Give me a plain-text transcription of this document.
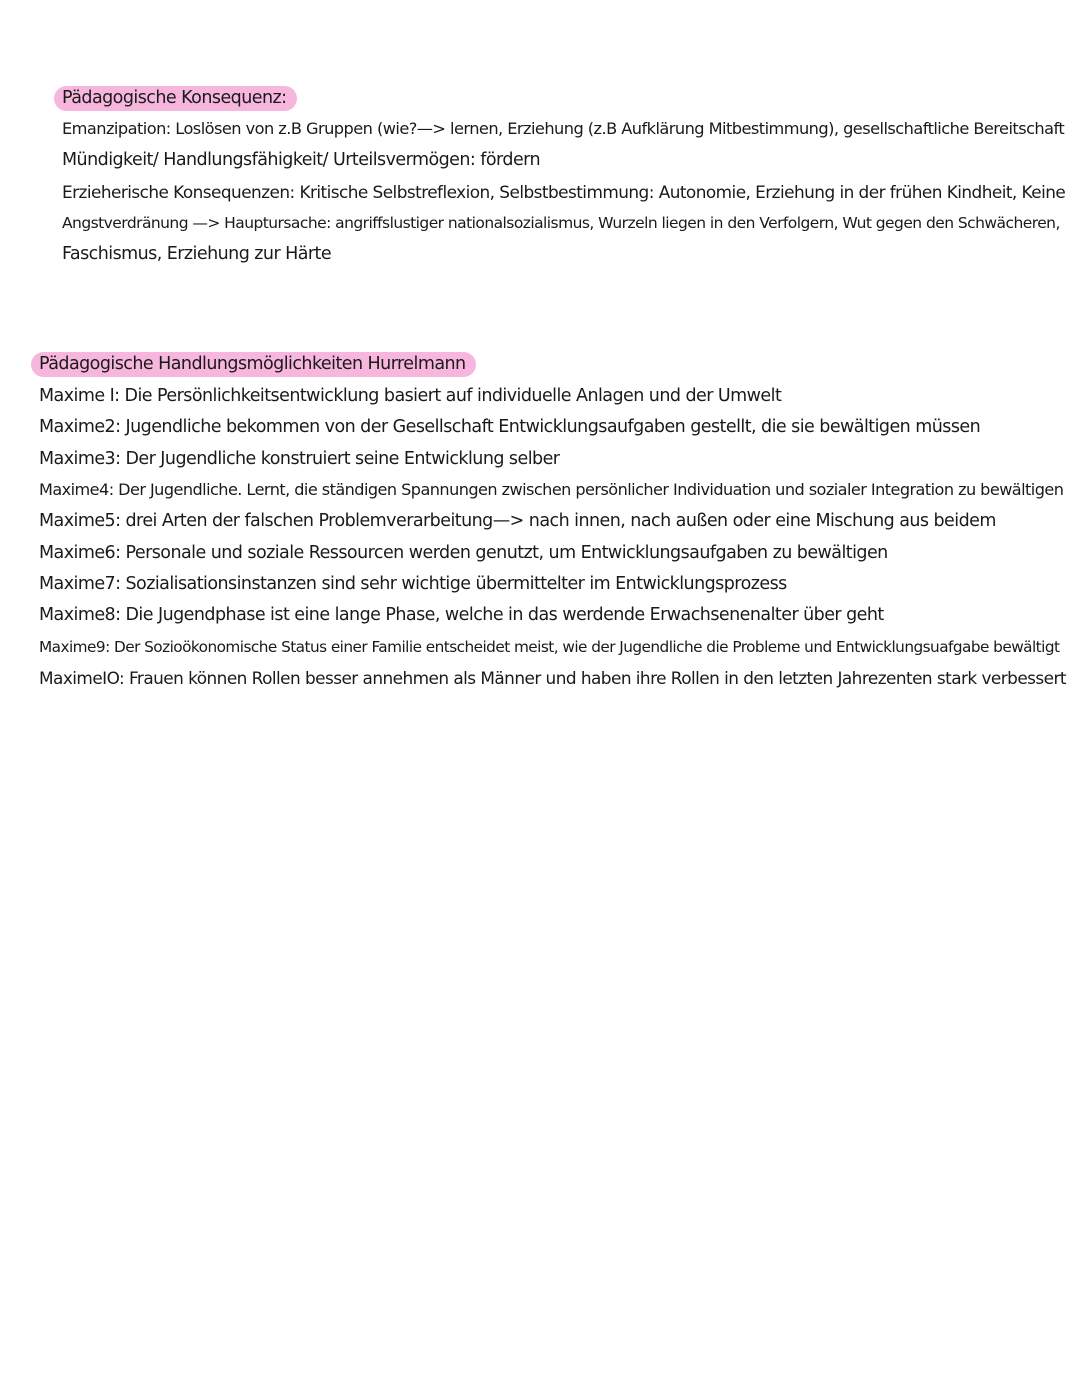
Pädagogische Konsequenz:
Emanzipation: Loslösen von z.B Gruppen (wie?—> lernen, Erziehung (z.B Aufklärung Mitbestimmung), gesellschaftliche Bereitschaft
Mündigkeit/ Handlungsfähigkeit/ Urteilsvermögen: fördern
Erzieherische Konsequenzen: Kritische Selbstreflexion, Selbstbestimmung: Autonomie, Erziehung in der frühen Kindheit, Keine
Angstverdränung —> Hauptursache: angriffslustiger nationalsozialismus, Wurzeln liegen in den Verfolgern, Wut gegen den Schwächeren,
Faschismus, Erziehung zur Härte
Pädagogische Handlungsmöglichkeiten Hurrelmann
Maxime I: Die Persönlichkeitsentwicklung basiert auf individuelle Anlagen und der Umwelt
Maxime2: Jugendliche bekommen von der Gesellschaft Entwicklungsaufgaben gestellt, die sie bewältigen müssen
Maxime3: Der Jugendliche konstruiert seine Entwicklung selber
Maxime4: Der Jugendliche. Lernt, die ständigen Spannungen zwischen persönlicher Individuation und sozialer Integration zu bewältigen
Maxime5: drei Arten der falschen Problemverarbeitung—> nach innen, nach außen oder eine Mischung aus beidem
Maxime6: Personale und soziale Ressourcen werden genutzt, um Entwicklungsaufgaben zu bewältigen
Maxime7: Sozialisationsinstanzen sind sehr wichtige übermittelter im Entwicklungsprozess
Maxime8: Die Jugendphase ist eine lange Phase, welche in das werdende Erwachsenenalter über geht
Maxime9: Der Sozioökonomische Status einer Familie entscheidet meist, wie der Jugendliche die Probleme und Entwicklungsuafgabe bewältigt
MaximeIO: Frauen können Rollen besser annehmen als Männer und haben ihre Rollen in den letzten Jahrezenten stark verbessert
